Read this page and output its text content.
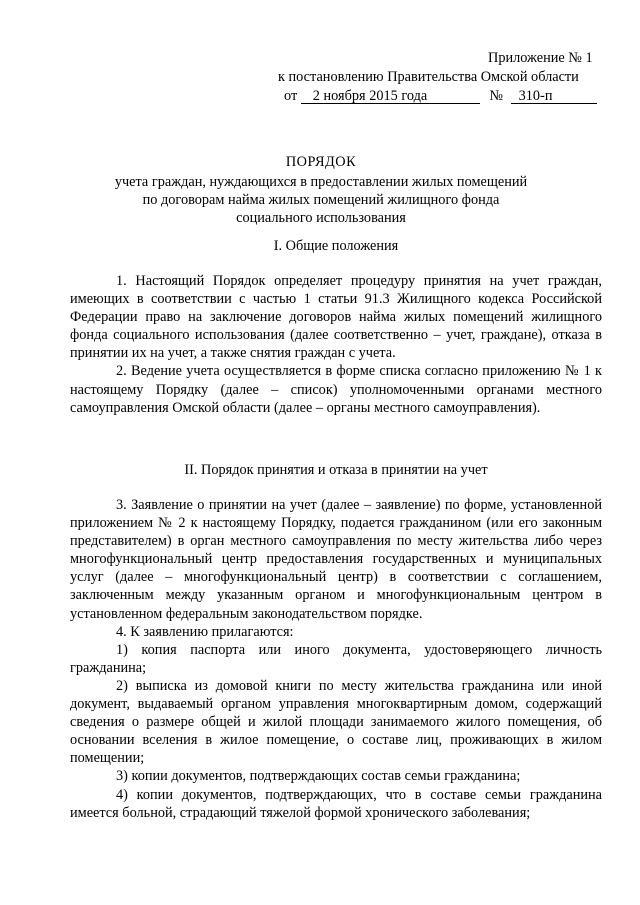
Приложение № 1
к постановлению Правительства Омской области
от 2 ноября 2015 года	№ 310-п
ПОРЯДОК
учета граждан, нуждающихся в предоставлении жилых помещений по договорам найма жилых помещений жилищного фонда социального использования
I. Общие положения

1. Настоящий Порядок определяет процедуру принятия на учет граждан, имеющих в соответствии с частью 1 статьи 91.3 Жилищного кодекса Российской Федерации право на заключение договоров найма жилых помещений жилищного фонда социального использования (далее соответственно – учет, граждане), отказа в принятии их на учет, а также снятия граждан с учета.

2. Ведение учета осуществляется в форме списка согласно приложению № 1 к настоящему Порядку (далее – список) уполномоченными органами местного самоуправления Омской области (далее – органы местного самоуправления).

II. Порядок принятия и отказа в принятии на учет

3. Заявление о принятии на учет (далее – заявление) по форме, установленной приложением № 2 к настоящему Порядку, подается гражданином (или его законным представителем) в орган местного самоуправления по месту жительства либо через многофункциональный центр предоставления государственных и муниципальных услуг (далее – многофункциональный центр) в соответствии с соглашением, заключенным между указанным органом и многофункциональным центром в установленном федеральным законодательством порядке.

4. К заявлению прилагаются:

1) копия паспорта или иного документа, удостоверяющего личность гражданина;

2) выписка из домовой книги по месту жительства гражданина или иной документ, выдаваемый органом управления многоквартирным домом, содержащий сведения о размере общей и жилой площади занимаемого жилого помещения, об основании вселения в жилое помещение, о составе лиц, проживающих в жилом помещении;

3) копии документов, подтверждающих состав семьи гражданина;

4) копии документов, подтверждающих, что в составе семьи гражданина имеется больной, страдающий тяжелой формой хронического заболевания;
